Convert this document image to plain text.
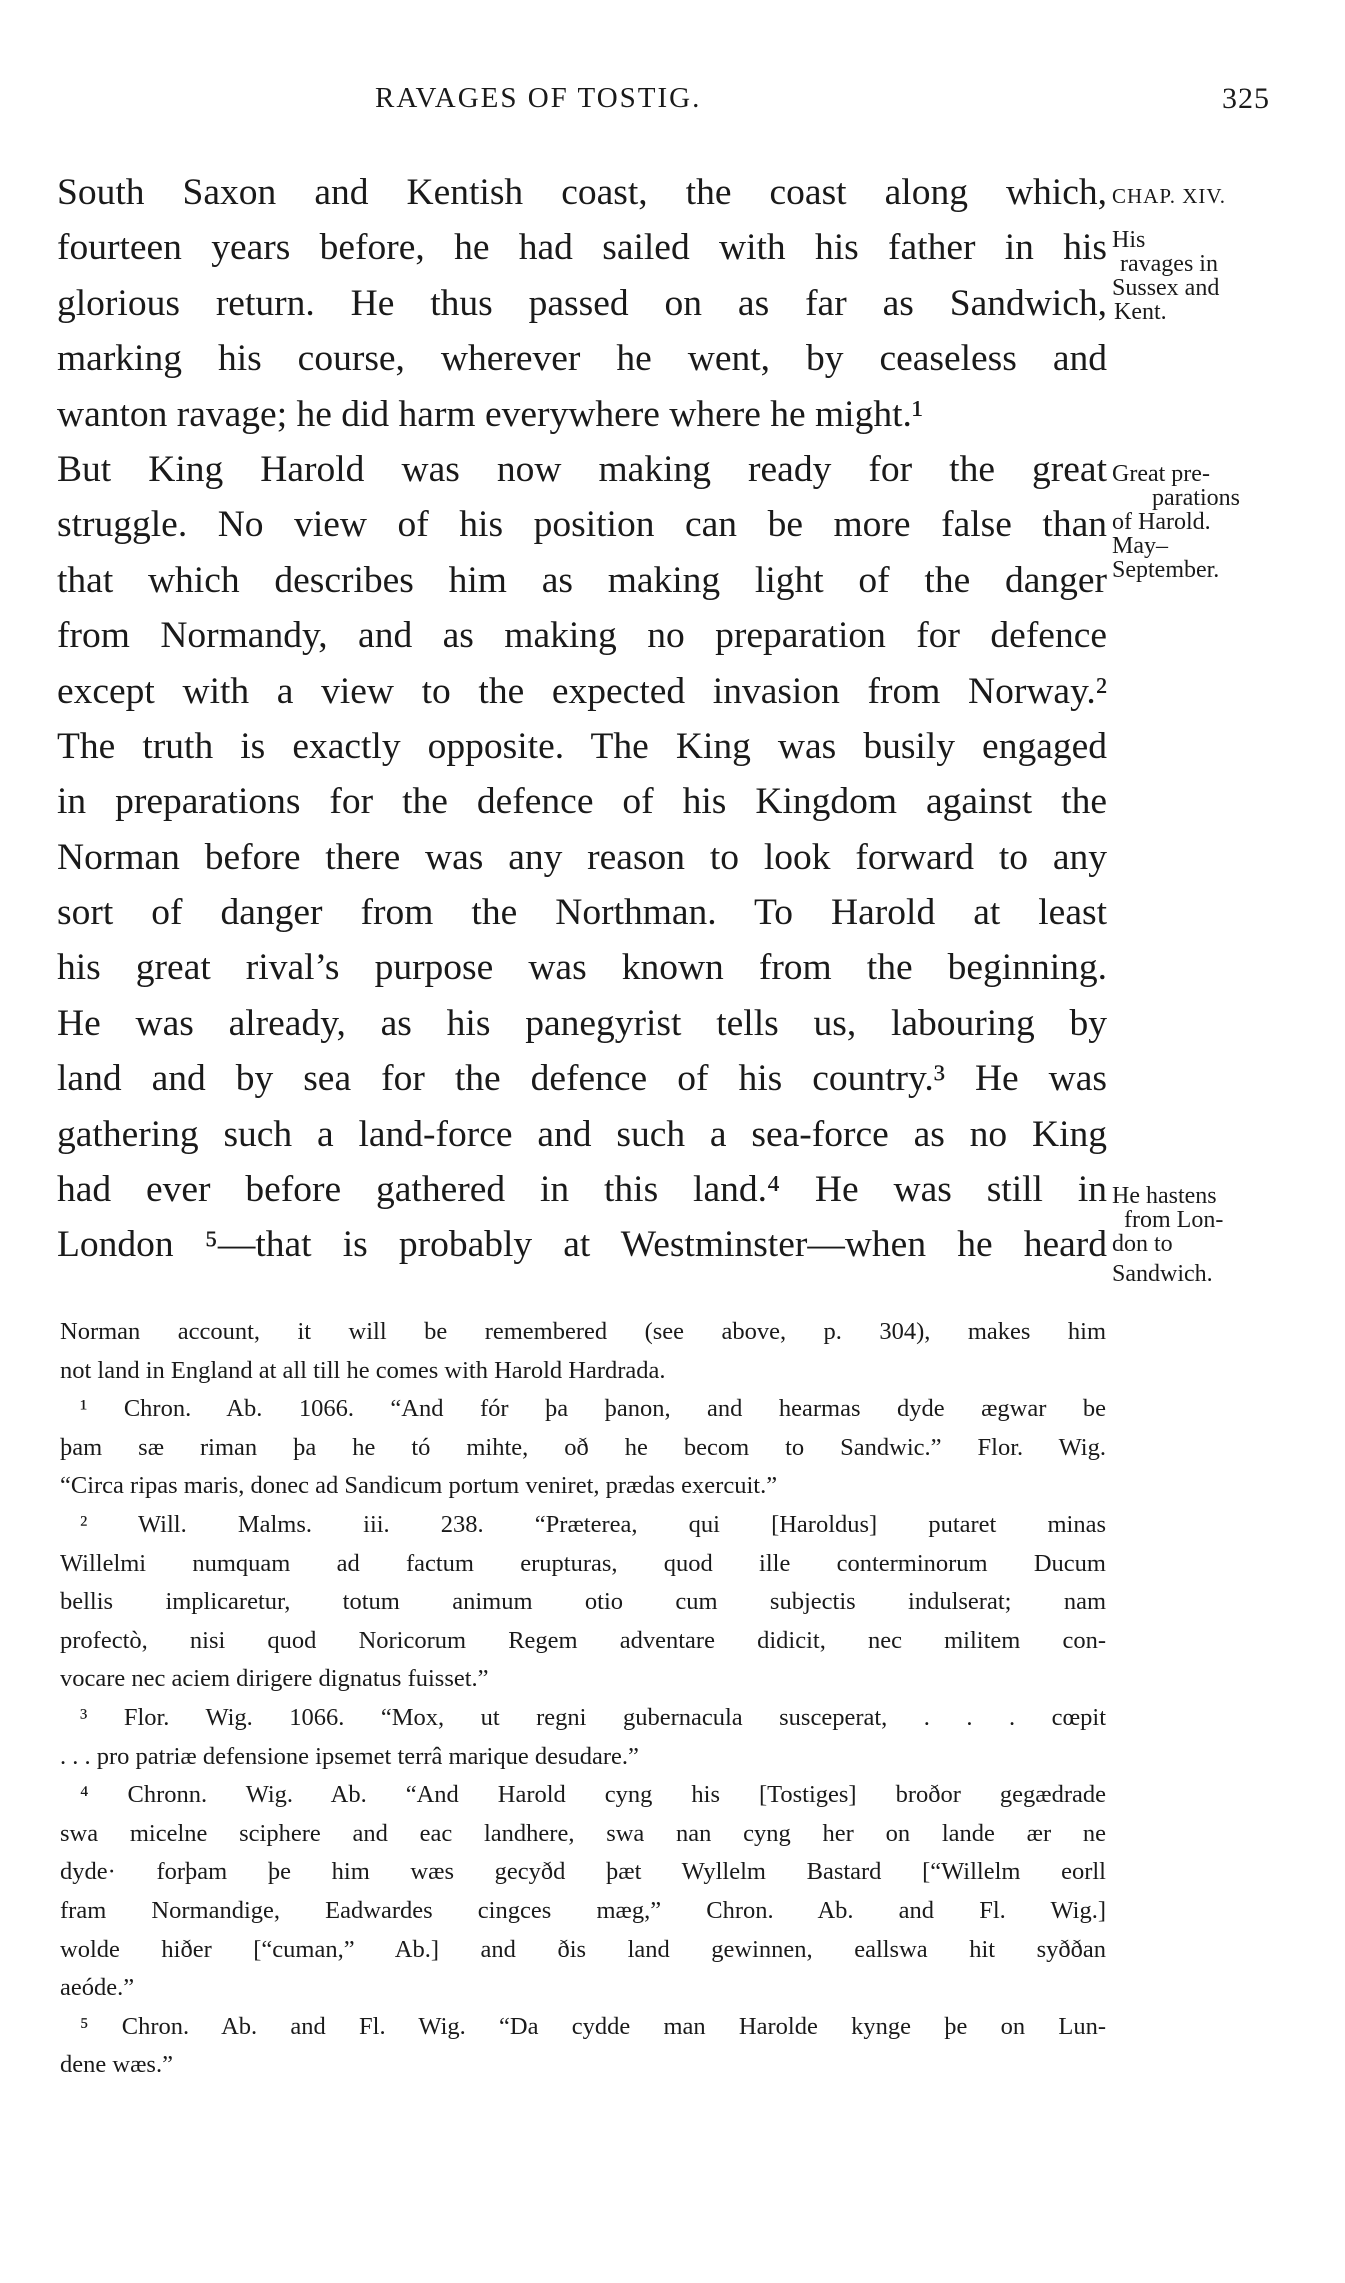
RAVAGES OF TOSTIG.	325
South Saxon and Kentish coast, the coast along which,
fourteen years before, he had sailed with his father in his
glorious return. He thus passed on as far as Sandwich,
marking his course, wherever he went, by ceaseless and
wanton ravage; he did harm everywhere where he might.¹
But King Harold was now making ready for the great
struggle. No view of his position can be more false than
that which describes him as making light of the danger
from Normandy, and as making no preparation for defence
except with a view to the expected invasion from Norway.²
The truth is exactly opposite. The King was busily engaged
in preparations for the defence of his Kingdom against the
Norman before there was any reason to look forward to any
sort of danger from the Northman. To Harold at least
his great rival’s purpose was known from the beginning.
He was already, as his panegyrist tells us, labouring by
land and by sea for the defence of his country.³ He was
gathering such a land-force and such a sea-force as no King
had ever before gathered in this land.⁴ He was still in
London ⁵—that is probably at Westminster—when he heard
CHAP. XIV.
His
ravages in
Sussex and
Kent.
Great pre-
parations
of Harold.
May–
September.
He hastens
from Lon-
don to
Sandwich.
Norman account, it will be remembered (see above, p. 304), makes him
not land in England at all till he comes with Harold Hardrada.
¹ Chron. Ab. 1066. “And fór þa þanon, and hearmas dyde ægwar be
þam sæ riman þa he tó mihte, oð he becom to Sandwic.” Flor. Wig.
“Circa ripas maris, donec ad Sandicum portum veniret, prædas exercuit.”
² Will. Malms. iii. 238. “Præterea, qui [Haroldus] putaret minas
Willelmi numquam ad factum erupturas, quod ille conterminorum Ducum
bellis implicaretur, totum animum otio cum subjectis indulserat; nam
profectò, nisi quod Noricorum Regem adventare didicit, nec militem con-
vocare nec aciem dirigere dignatus fuisset.”
³ Flor. Wig. 1066. “Mox, ut regni gubernacula susceperat, . . . cœpit
. . . pro patriæ defensione ipsemet terrâ marique desudare.”
⁴ Chronn. Wig. Ab. “And Harold cyng his [Tostiges] broðor gegædrade
swa micelne sciphere and eac landhere, swa nan cyng her on lande ær ne
dyde· forþam þe him wæs gecyðd þæt Wyllelm Bastard [“Willelm eorll
fram Normandige, Eadwardes cingces mæg,” Chron. Ab. and Fl. Wig.]
wolde hiðer [“cuman,” Ab.] and ðis land gewinnen, eallswa hit syððan
aeóde.”
⁵ Chron. Ab. and Fl. Wig. “Da cydde man Harolde kynge þe on Lun-
dene wæs.”
